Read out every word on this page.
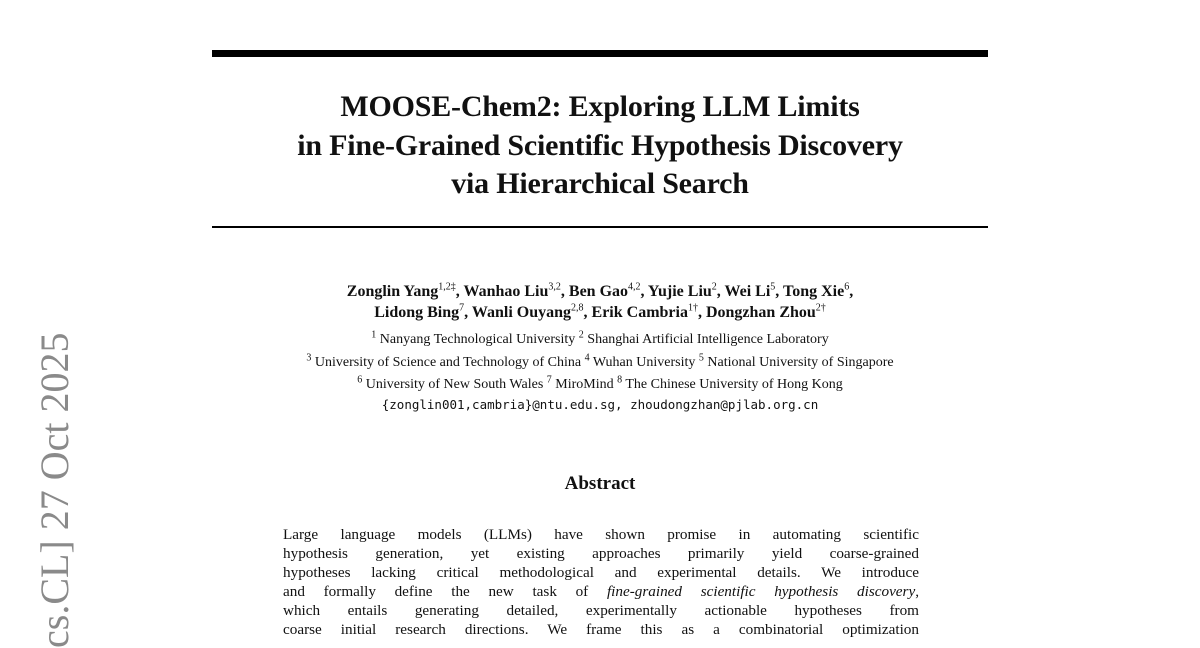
cs.CL] 27 Oct 2025
MOOSE-Chem2: Exploring LLM Limits
in Fine-Grained Scientific Hypothesis Discovery
via Hierarchical Search
Zonglin Yang$^{1,2\ddagger}$, Wanhao Liu$^{3,2}$, Ben Gao$^{4,2}$, Yujie Liu$^2$, Wei Li$^5$, Tong Xie$^6$,
Lidong Bing$^7$, Wanli Ouyang$^{2,8}$, Erik Cambria$^{1\dagger}$, Dongzhan Zhou$^{2\dagger}$
$^1$ Nanyang Technological University $^2$ Shanghai Artificial Intelligence Laboratory
$^3$ University of Science and Technology of China $^4$ Wuhan University $^5$ National University of Singapore
$^6$ University of New South Wales $^7$ MiroMind $^8$ The Chinese University of Hong Kong
{zonglin001,cambria}@ntu.edu.sg, zhoudongzhan@pjlab.org.cn
Abstract
Large language models (LLMs) have shown promise in automating scientific
hypothesis generation, yet existing approaches primarily yield coarse-grained
hypotheses lacking critical methodological and experimental details. We introduce
and formally define the new task of fine-grained scientific hypothesis discovery,
which entails generating detailed, experimentally actionable hypotheses from
coarse initial research directions. We frame this as a combinatorial optimization
